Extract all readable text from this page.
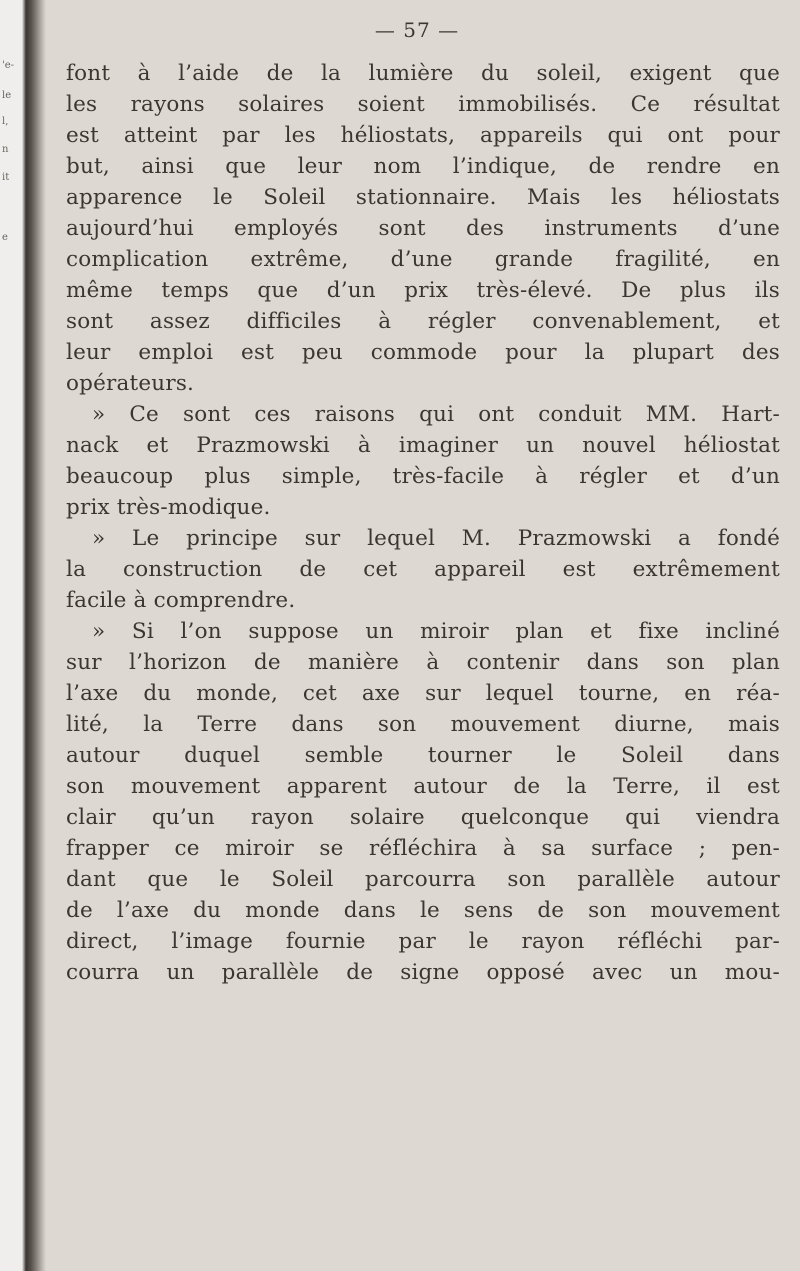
'e-
le
l,
n
it
e
— 57 —
font à l’aide de la lumière du soleil, exigent que
les rayons solaires soient immobilisés. Ce résultat
est atteint par les héliostats, appareils qui ont pour
but, ainsi que leur nom l’indique, de rendre en
apparence le Soleil stationnaire. Mais les héliostats
aujourd’hui employés sont des instruments d’une
complication extrême, d’une grande fragilité, en
même temps que d’un prix très-élevé. De plus ils
sont assez difficiles à régler convenablement, et
leur emploi est peu commode pour la plupart des
opérateurs.
» Ce sont ces raisons qui ont conduit MM. Hart-
nack et Prazmowski à imaginer un nouvel héliostat
beaucoup plus simple, très-facile à régler et d’un
prix très-modique.
» Le principe sur lequel M. Prazmowski a fondé
la construction de cet appareil est extrêmement
facile à comprendre.
» Si l’on suppose un miroir plan et fixe incliné
sur l’horizon de manière à contenir dans son plan
l’axe du monde, cet axe sur lequel tourne, en réa-
lité, la Terre dans son mouvement diurne, mais
autour duquel semble tourner le Soleil dans
son mouvement apparent autour de la Terre, il est
clair qu’un rayon solaire quelconque qui viendra
frapper ce miroir se réfléchira à sa surface ; pen-
dant que le Soleil parcourra son parallèle autour
de l’axe du monde dans le sens de son mouvement
direct, l’image fournie par le rayon réfléchi par-
courra un parallèle de signe opposé avec un mou-
